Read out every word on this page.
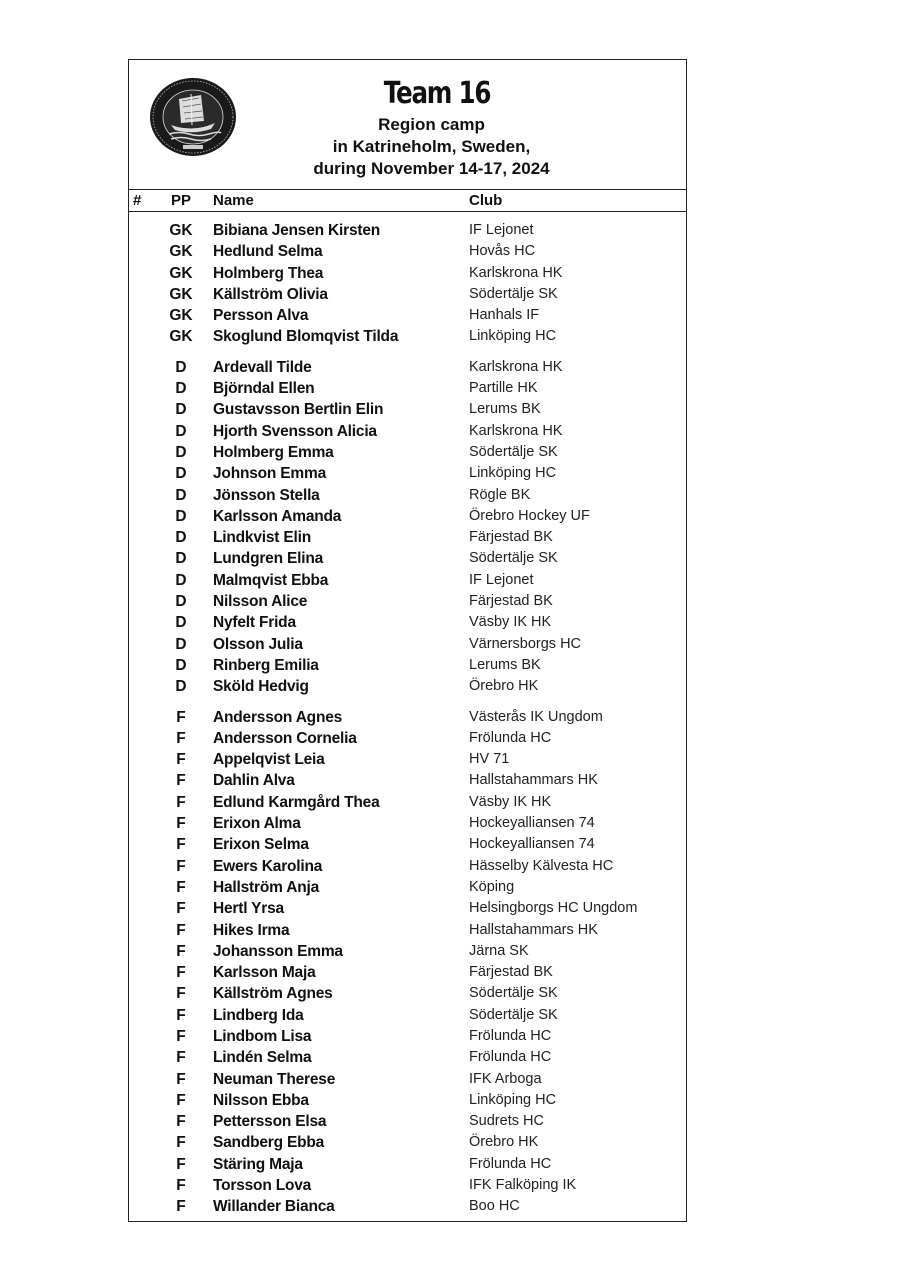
Team 16
Region camp
in Katrineholm, Sweden,
during November 14-17, 2024
# PP Name	Club
GK Bibiana Jensen Kirsten	IF Lejonet
GK Hedlund Selma	Hovås HC
GK Holmberg Thea	Karlskrona HK
GK Källström Olivia	Södertälje SK
GK Persson Alva	Hanhals IF
GK Skoglund Blomqvist Tilda	Linköping HC
D	Ardevall Tilde	Karlskrona HK
D	Björndal Ellen	Partille HK
D	Gustavsson Bertlin Elin	Lerums BK
D	Hjorth Svensson Alicia	Karlskrona HK
D	Holmberg Emma	Södertälje SK
D	Johnson Emma	Linköping HC
D	Jönsson Stella	Rögle BK
D	Karlsson Amanda	Örebro Hockey UF
D	Lindkvist Elin	Färjestad BK
D	Lundgren Elina	Södertälje SK
D	Malmqvist Ebba	IF Lejonet
D	Nilsson Alice	Färjestad BK
D	Nyfelt Frida	Väsby IK HK
D	Olsson Julia	Värnersborgs HC
D	Rinberg Emilia	Lerums BK
D	Sköld Hedvig	Örebro HK
F	Andersson Agnes	Västerås IK Ungdom
F	Andersson Cornelia	Frölunda HC
F	Appelqvist Leia	HV 71
F	Dahlin Alva	Hallstahammars HK
F	Edlund Karmgård Thea	Väsby IK HK
F	Erixon Alma	Hockeyalliansen 74
F	Erixon Selma	Hockeyalliansen 74
F	Ewers Karolina	Hässelby Kälvesta HC
F	Hallström Anja	Köping
F	Hertl Yrsa	Helsingborgs HC Ungdom
F	Hikes Irma	Hallstahammars HK
F	Johansson Emma	Järna SK
F	Karlsson Maja	Färjestad BK
F	Källström Agnes	Södertälje SK
F	Lindberg Ida	Södertälje SK
F	Lindbom Lisa	Frölunda HC
F	Lindén Selma	Frölunda HC
F	Neuman Therese	IFK Arboga
F	Nilsson Ebba	Linköping HC
F	Pettersson Elsa	Sudrets HC
F	Sandberg Ebba	Örebro HK
F	Stäring Maja	Frölunda HC
F	Torsson Lova	IFK Falköping IK
F	Willander Bianca	Boo HC
